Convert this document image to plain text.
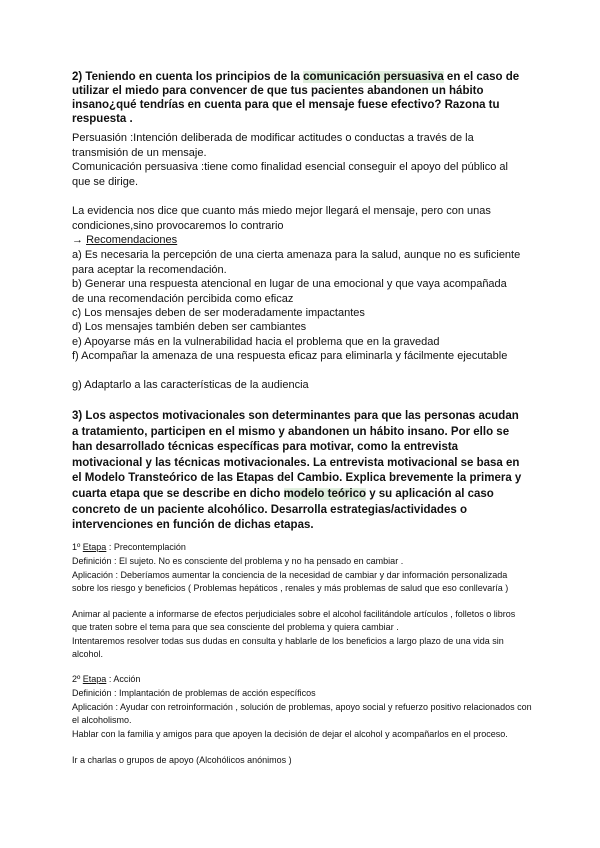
2) Teniendo en cuenta los principios de la comunicación persuasiva en el caso de utilizar el miedo para convencer de que tus pacientes abandonen un hábito insano¿qué tendrías en cuenta para que el mensaje fuese efectivo? Razona tu respuesta .

Persuasión :Intención deliberada de modificar actitudes o conductas a través de la transmisión de un mensaje.

Comunicación persuasiva :tiene como finalidad esencial conseguir el apoyo del público al que se dirige.

La evidencia nos dice que cuanto más miedo mejor llegará el mensaje, pero con unas condiciones,sino provocaremos lo contrario

→ Recomendaciones

a) Es necesaria la percepción de una cierta amenaza para la salud, aunque no es suficiente para aceptar la recomendación.

b) Generar una respuesta atencional en lugar de una emocional y que vaya acompañada de una recomendación percibida como eficaz

c) Los mensajes deben de ser moderadamente impactantes

d) Los mensajes también deben ser cambiantes

e) Apoyarse más en la vulnerabilidad hacia el problema que en la gravedad

f) Acompañar la amenaza de una respuesta eficaz para eliminarla y fácilmente ejecutable

g) Adaptarlo a las características de la audiencia

3) Los aspectos motivacionales son determinantes para que las personas acudan a tratamiento, participen en el mismo y abandonen un hábito insano. Por ello se han desarrollado técnicas específicas para motivar, como la entrevista motivacional y las técnicas motivacionales. La entrevista motivacional se basa en el Modelo Transteórico de las Etapas del Cambio. Explica brevemente la primera y cuarta etapa que se describe en dicho modelo teórico y su aplicación al caso concreto de un paciente alcohólico. Desarrolla estrategias/actividades o intervenciones en función de dichas etapas.

1º Etapa : Precontemplación

Definición : El sujeto. No es consciente del problema y no ha pensado en cambiar .

Aplicación : Deberíamos aumentar la conciencia de la necesidad de cambiar y dar información personalizada sobre los riesgo y beneficios ( Problemas hepáticos , renales y más problemas de salud que eso conllevaría )

Animar al paciente a informarse de efectos perjudiciales sobre el alcohol facilitándole artículos , folletos o libros que traten sobre el tema para que sea consciente del problema y quiera cambiar .

Intentaremos resolver todas sus dudas en consulta y hablarle de los beneficios a largo plazo de una vida sin alcohol.

2º Etapa : Acción

Definición : Implantación de problemas de acción específicos

Aplicación : Ayudar con retroinformación , solución de problemas, apoyo social y refuerzo positivo relacionados con el alcoholismo.

Hablar con la familia y amigos para que apoyen la decisión de dejar el alcohol y acompañarlos en el proceso.

Ir a charlas o grupos de apoyo (Alcohólicos anónimos )
